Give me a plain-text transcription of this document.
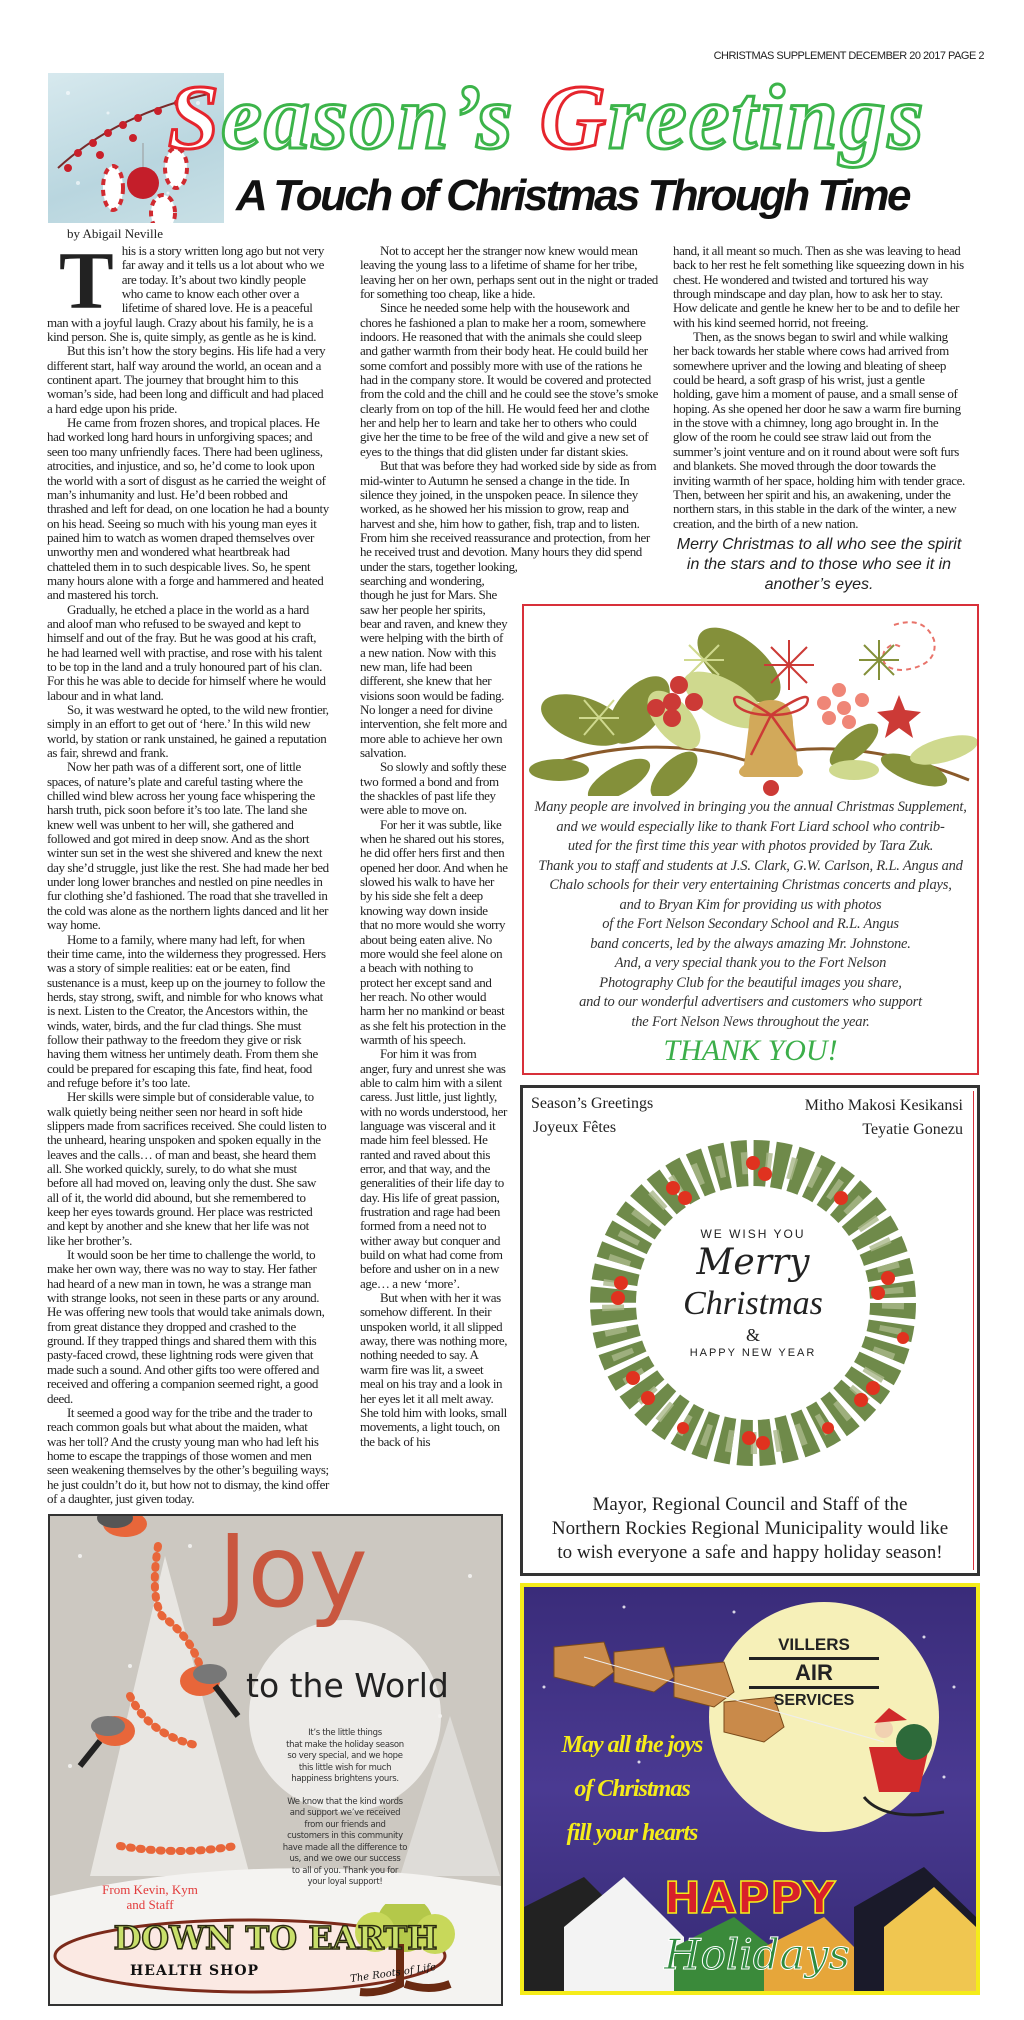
CHRISTMAS SUPPLEMENT DECEMBER 20 2017 PAGE 2
Season’s Greetings
A Touch of Christmas Through Time
by Abigail Neville
T his is a story written long ago but not very far away and it tells us a lot about who we are today. It’s about two kindly people who came to know each other over a lifetime of shared love. He is a peaceful man with a joyful laugh. Crazy about his family, he is a kind person. She is, quite simply, as gentle as he is kind.

But this isn’t how the story begins. His life had a very different start, half way around the world, an ocean and a continent apart. The journey that brought him to this woman’s side, had been long and difficult and had placed a hard edge upon his pride.

He came from frozen shores, and tropical places. He had worked long hard hours in unforgiving spaces; and seen too many unfriendly faces. There had been ugliness, atrocities, and injustice, and so, he’d come to look upon the world with a sort of disgust as he carried the weight of man’s inhumanity and lust. He’d been robbed and thrashed and left for dead, on one location he had a bounty on his head. Seeing so much with his young man eyes it pained him to watch as women draped themselves over unworthy men and wondered what heartbreak had chatteled them in to such despicable lives. So, he spent many hours alone with a forge and hammered and heated and mastered his torch.

Gradually, he etched a place in the world as a hard and aloof man who refused to be swayed and kept to himself and out of the fray. But he was good at his craft, he had learned well with practise, and rose with his talent to be top in the land and a truly honoured part of his clan. For this he was able to decide for himself where he would labour and in what land.

So, it was westward he opted, to the wild new frontier, simply in an effort to get out of ‘here.’ In this wild new world, by station or rank unstained, he gained a reputation as fair, shrewd and frank.

Now her path was of a different sort, one of little spaces, of nature’s plate and careful tasting where the chilled wind blew across her young face whispering the harsh truth, pick soon before it’s too late. The land she knew well was unbent to her will, she gathered and followed and got mired in deep snow. And as the short winter sun set in the west she shivered and knew the next day she’d struggle, just like the rest. She had made her bed under long lower branches and nestled on pine needles in fur clothing she’d fashioned. The road that she travelled in the cold was alone as the northern lights danced and lit her way home.

Home to a family, where many had left, for when their time came, into the wilderness they progressed. Hers was a story of simple realities: eat or be eaten, find sustenance is a must, keep up on the journey to follow the herds, stay strong, swift, and nimble for who knows what is next. Listen to the Creator, the Ancestors within, the winds, water, birds, and the fur clad things. She must follow their pathway to the freedom they give or risk having them witness her untimely death. From them she could be prepared for escaping this fate, find heat, food and refuge before it’s too late.

Her skills were simple but of considerable value, to walk quietly being neither seen nor heard in soft hide slippers made from sacrifices received. She could listen to the unheard, hearing unspoken and spoken equally in the leaves and the calls… of man and beast, she heard them all. She worked quickly, surely, to do what she must before all had moved on, leaving only the dust. She saw all of it, the world did abound, but she remembered to keep her eyes towards ground. Her place was restricted and kept by another and she knew that her life was not like her brother’s.

It would soon be her time to challenge the world, to make her own way, there was no way to stay. Her father had heard of a new man in town, he was a strange man with strange looks, not seen in these parts or any around. He was offering new tools that would take animals down, from great distance they dropped and crashed to the ground. If they trapped things and shared them with this pasty-faced crowd, these lightning rods were given that made such a sound. And other gifts too were offered and received and offering a companion seemed right, a good deed.

It seemed a good way for the tribe and the trader to reach common goals but what about the maiden, what was her toll? And the crusty young man who had left his home to escape the trappings of those women and men seen weakening themselves by the other’s beguiling ways; he just couldn’t do it, but how not to dismay, the kind offer of a daughter, just given today.

Not to accept her the stranger now knew would mean leaving the young lass to a lifetime of shame for her tribe, leaving her on her own, perhaps sent out in the night or traded for something too cheap, like a hide.

Since he needed some help with the housework and chores he fashioned a plan to make her a room, somewhere indoors. He reasoned that with the animals she could sleep and gather warmth from their body heat. He could build her some comfort and possibly more with use of the rations he had in the company store. It would be covered and protected from the cold and the chill and he could see the stove’s smoke clearly from on top of the hill. He would feed her and clothe her and help her to learn and take her to others who could give her the time to be free of the wild and give a new set of eyes to the things that did glisten under far distant skies.

But that was before they had worked side by side as from mid-winter to Autumn he sensed a change in the tide. In silence they joined, in the unspoken peace. In silence they worked, as he showed her his mission to grow, reap and harvest and she, him how to gather, fish, trap and to listen. From him she received reassurance and protection, from her he received trust and devotion. Many hours they did spend under the stars, together looking,

searching and wondering, though he just for Mars. She saw her people her spirits, bear and raven, and knew they were helping with the birth of a new nation. Now with this new man, life had been different, she knew that her visions soon would be fading. No longer a need for divine intervention, she felt more and more able to achieve her own salvation.

So slowly and softly these two formed a bond and from the shackles of past life they were able to move on.

For her it was subtle, like when he shared out his stores, he did offer hers first and then opened her door. And when he slowed his walk to have her by his side she felt a deep knowing way down inside that no more would she worry about being eaten alive. No more would she feel alone on a beach with nothing to protect her except sand and her reach. No other would harm her no mankind or beast as she felt his protection in the warmth of his speech.

For him it was from anger, fury and unrest she was able to calm him with a silent caress. Just little, just lightly, with no words understood, her language was visceral and it made him feel blessed. He ranted and raved about this error, and that way, and the generalities of their life day to day. His life of great passion, frustration and rage had been formed from a need not to wither away but conquer and build on what had come from before and usher on in a new age… a new ‘more’.

But when with her it was somehow different. In their unspoken world, it all slipped away, there was nothing more, nothing needed to say. A warm fire was lit, a sweet meal on his tray and a look in her eyes let it all melt away. She told him with looks, small movements, a light touch, on the back of his

hand, it all meant so much. Then as she was leaving to head back to her rest he felt something like squeezing down in his chest. He wondered and twisted and tortured his way through mindscape and day plan, how to ask her to stay. How delicate and gentle he knew her to be and to defile her with his kind seemed horrid, not freeing.

Then, as the snows began to swirl and while walking her back towards her stable where cows had arrived from somewhere upriver and the lowing and bleating of sheep could be heard, a soft grasp of his wrist, just a gentle holding, gave him a moment of pause, and a small sense of hoping. As she opened her door he saw a warm fire burning in the stove with a chimney, long ago brought in. In the glow of the room he could see straw laid out from the summer’s joint venture and on it round about were soft furs and blankets. She moved through the door towards the inviting warmth of her space, holding him with tender grace. Then, between her spirit and his, an awakening, under the northern stars, in this stable in the dark of the winter, a new creation, and the birth of a new nation.

Merry Christmas to all who see the spirit in the stars and to those who see it in another’s eyes.

Many people are involved in bringing you the annual Christmas Supplement,
and we would especially like to thank Fort Liard school who contrib-
uted for the first time this year with photos provided by Tara Zuk.
Thank you to staff and students at J.S. Clark, G.W. Carlson, R.L. Angus and
Chalo schools for their very entertaining Christmas concerts and plays,
and to Bryan Kim for providing us with photos
of the Fort Nelson Secondary School and R.L. Angus
band concerts, led by the always amazing Mr. Johnstone.
And, a very special thank you to the Fort Nelson
Photography Club for the beautiful images you share,
and to our wonderful advertisers and customers who support
the Fort Nelson News throughout the year.
THANK YOU!
Season’s Greetings
Joyeux Fêtes
Mitho Makosi Kesikansi
Teyatie Gonezu
WE WISH YOU
Merry
Christmas
&
HAPPY NEW YEAR
Mayor, Regional Council and Staff of the
Northern Rockies Regional Municipality would like
to wish everyone a safe and happy holiday season!
Joy
to the World
It’s the little things
that make the holiday season
so very special, and we hope
this little wish for much
happiness brightens yours.
We know that the kind words
and support we’ve received
from our friends and
customers in this community
have made all the difference to
us, and we owe our success
to all of you. Thank you for
your loyal support!
From Kevin, Kym
and Staff
DOWN TO EARTH
HEALTH SHOP	The Roots of Life
VILLERS
AIR
SERVICES
May all the joys
of Christmas
fill your hearts
HAPPY
Holidays
